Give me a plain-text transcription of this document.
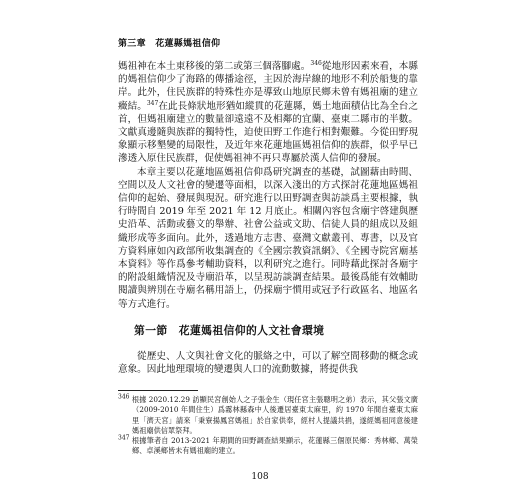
第三章　花蓮縣媽祖信仰

媽祖神在本土東移後的第二或第三個落腳處。$^{346}$從地形因素來看，本縣的媽祖信仰少了海路的傳播途徑，主因於海岸線的地形不利於船隻的靠岸。此外，住民族群的特殊性亦是導致山地原民鄉未曾有媽祖廟的建立癥結。$^{347}$在此長條狀地形猶如縱貫的花蓮縣，媽土地面積佔比為全台之首，但媽祖廟建立的數量卻遠遠不及相鄰的宜蘭、臺東二縣市的半數。文獻真邊隨與族群的獨特性，迫使田野工作進行相對艱難。今從田野現象顯示移墾變的局限性，及近年來花蓮地區媽祖信仰的族群，似乎早已滲透入原住民族群，促使媽祖神不再只專屬於漢人信仰的發展。

本章主要以花蓮地區媽祖信仰爲研究調查的基礎，試圖藉由時間、空間以及人文社會的變遷等面相，以深入淺出的方式探討花蓮地區媽祖信仰的起始、發展與現況。研究進行以田野調查與訪談爲主要根據，執行時間自 2019 年至 2021 年 12 月底止。相關內容包含廟宇啓建與歷史沿革、活動或藝文的舉辦、社會公益或文助、信徒人員的組成以及組織形成等多面向。此外，透過地方志書、臺灣文獻叢刊、專書，以及官方資料庫如內政部所收集調查的《全國宗教資訊網》、《全國寺院宮廟基本資料》等作爲參考輔助資料，以利研究之進行。同時藉此探討各廟宇的附設組織情況及寺廟沿革，以呈現訪談調查結果。最後爲能有效輔助閱讀與辨別在寺廟名稱用語上，仍採廟宇慣用或冠予行政區名、地區名等方式進行。

第一節　花蓮媽祖信仰的人文社會環境

從歷史、人文與社會文化的脈絡之中，可以了解空間移動的概念或意象。因此地理環境的變遷與人口的流動數據，將提供我

$^{346}$ 根據 2020.12.29 訪顯民宮創始人之子張金生（現任宮主張聰明之弟）表示，其父張文廣（2009-2010 年間住生）爲霧林縣森中人後遷居臺東太麻里，約 1970 年間自臺東太麻里「濟天宮」請來「秉寮揚鳳宮媽祖」於自家供奉，經村人提議共捐，遂經媽祖同意後建媽祖廟供信眾祭拜。

$^{347}$ 根據筆者自 2013-2021 年期間的田野調查結果顯示，花蓮縣三個原民鄉：秀林鄉、萬榮鄉、卓溪鄉皆未有媽祖廟的建立。

108
